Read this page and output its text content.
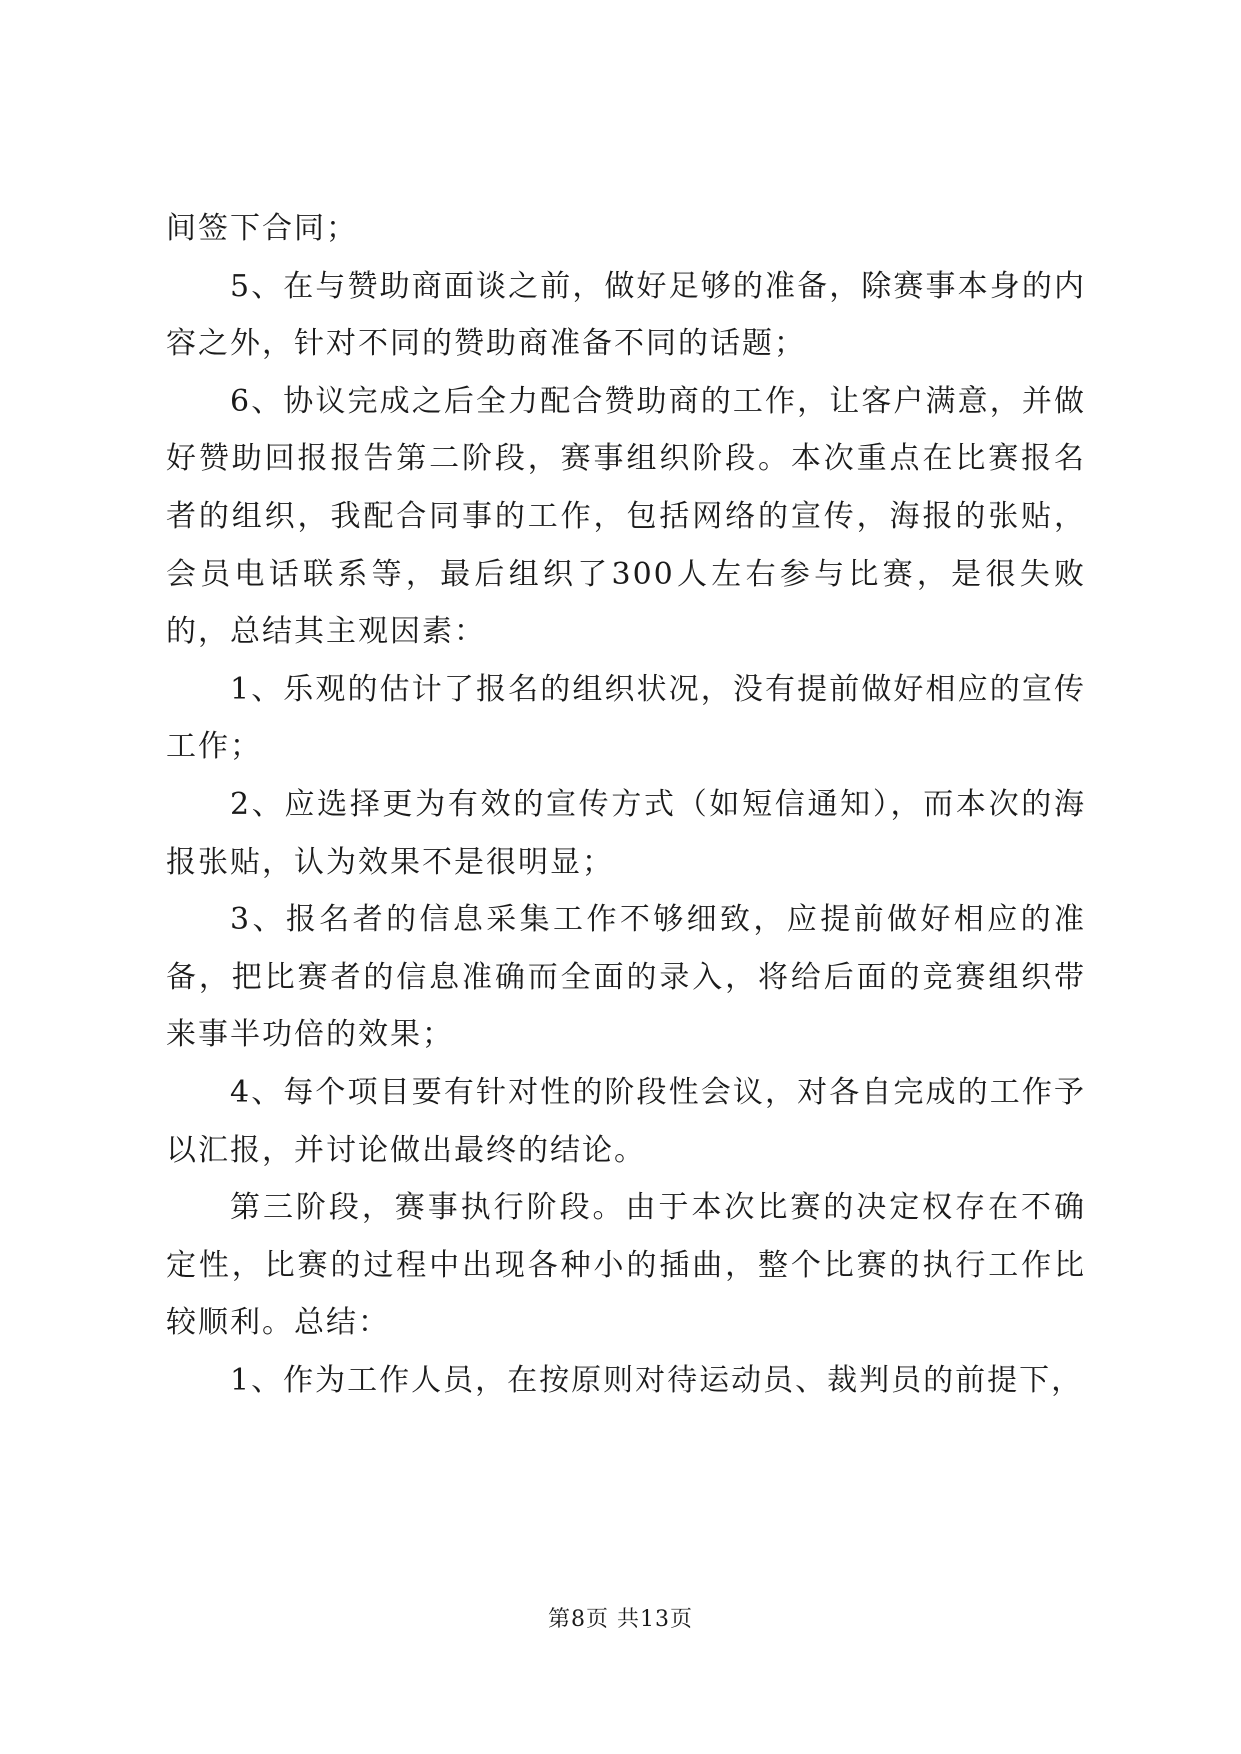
间签下合同；

5、在与赞助商面谈之前，做好足够的准备，除赛事本身的内容之外，针对不同的赞助商准备不同的话题；

6、协议完成之后全力配合赞助商的工作，让客户满意，并做好赞助回报报告第二阶段，赛事组织阶段。本次重点在比赛报名者的组织，我配合同事的工作，包括网络的宣传，海报的张贴，会员电话联系等，最后组织了300人左右参与比赛，是很失败的，总结其主观因素：

1、乐观的估计了报名的组织状况，没有提前做好相应的宣传工作；

2、应选择更为有效的宣传方式（如短信通知），而本次的海报张贴，认为效果不是很明显；

3、报名者的信息采集工作不够细致，应提前做好相应的准备，把比赛者的信息准确而全面的录入，将给后面的竞赛组织带来事半功倍的效果；

4、每个项目要有针对性的阶段性会议，对各自完成的工作予以汇报，并讨论做出最终的结论。

第三阶段，赛事执行阶段。由于本次比赛的决定权存在不确定性，比赛的过程中出现各种小的插曲，整个比赛的执行工作比较顺利。总结：

1、作为工作人员，在按原则对待运动员、裁判员的前提下，

第8页 共13页
